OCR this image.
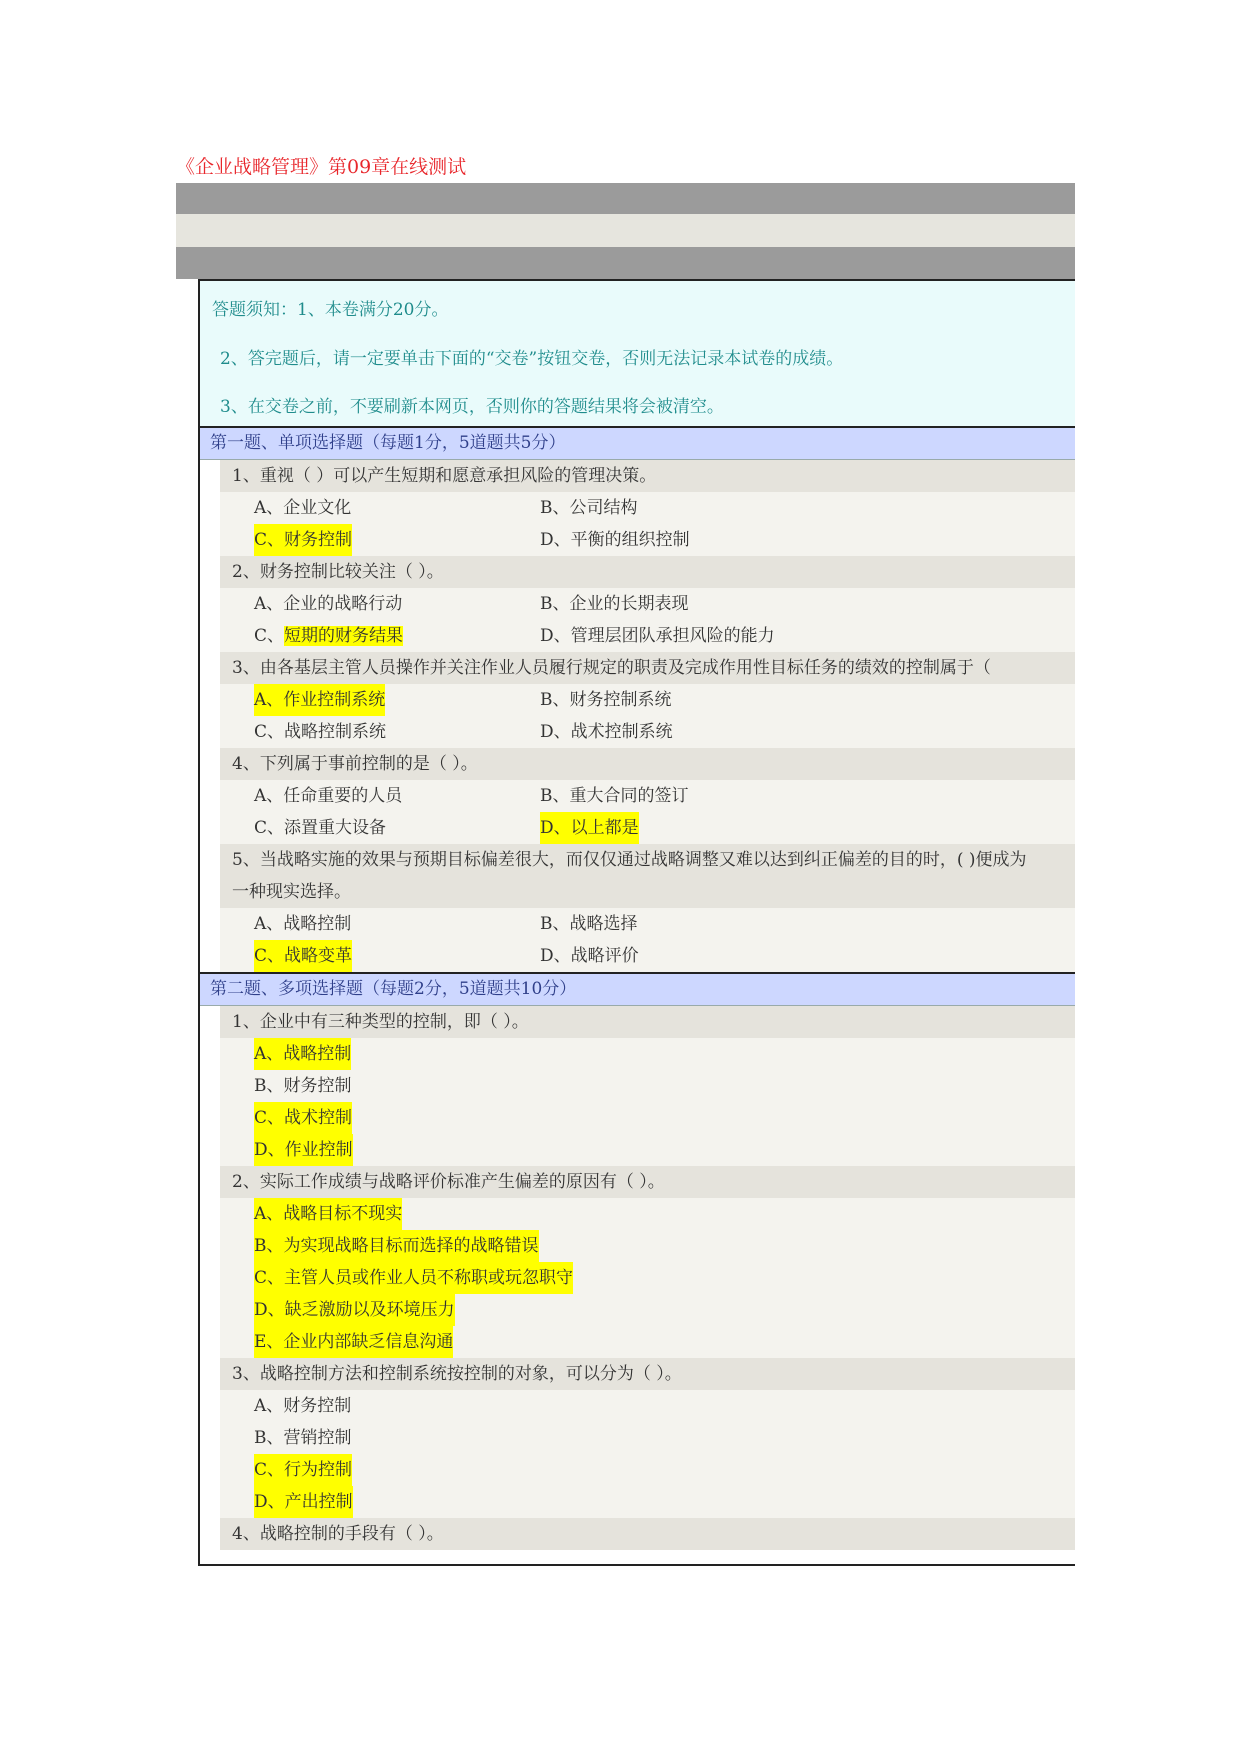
《企业战略管理》第09章在线测试
答题须知：1、本卷满分20分。
2、答完题后，请一定要单击下面的“交卷”按钮交卷，否则无法记录本试卷的成绩。
3、在交卷之前，不要刷新本网页，否则你的答题结果将会被清空。
第一题、单项选择题（每题1分，5道题共5分）
1、重视（ ）可以产生短期和愿意承担风险的管理决策。
A、企业文化	B、公司结构
C、财务控制	D、平衡的组织控制
2、财务控制比较关注（ ）。
A、企业的战略行动	B、企业的长期表现
C、短期的财务结果	D、管理层团队承担风险的能力
3、由各基层主管人员操作并关注作业人员履行规定的职责及完成作用性目标任务的绩效的控制属于（
A、作业控制系统	B、财务控制系统
C、战略控制系统	D、战术控制系统
4、下列属于事前控制的是（ ）。
A、任命重要的人员	B、重大合同的签订
C、添置重大设备	D、以上都是
5、当战略实施的效果与预期目标偏差很大，而仅仅通过战略调整又难以达到纠正偏差的目的时，( )便成为
一种现实选择。
A、战略控制	B、战略选择
C、战略变革	D、战略评价
第二题、多项选择题（每题2分，5道题共10分）
1、企业中有三种类型的控制，即（ ）。
A、战略控制
B、财务控制
C、战术控制
D、作业控制
2、实际工作成绩与战略评价标准产生偏差的原因有（ ）。
A、战略目标不现实
B、为实现战略目标而选择的战略错误
C、主管人员或作业人员不称职或玩忽职守
D、缺乏激励以及环境压力
E、企业内部缺乏信息沟通
3、战略控制方法和控制系统按控制的对象，可以分为（ ）。
A、财务控制
B、营销控制
C、行为控制
D、产出控制
4、战略控制的手段有（ ）。
